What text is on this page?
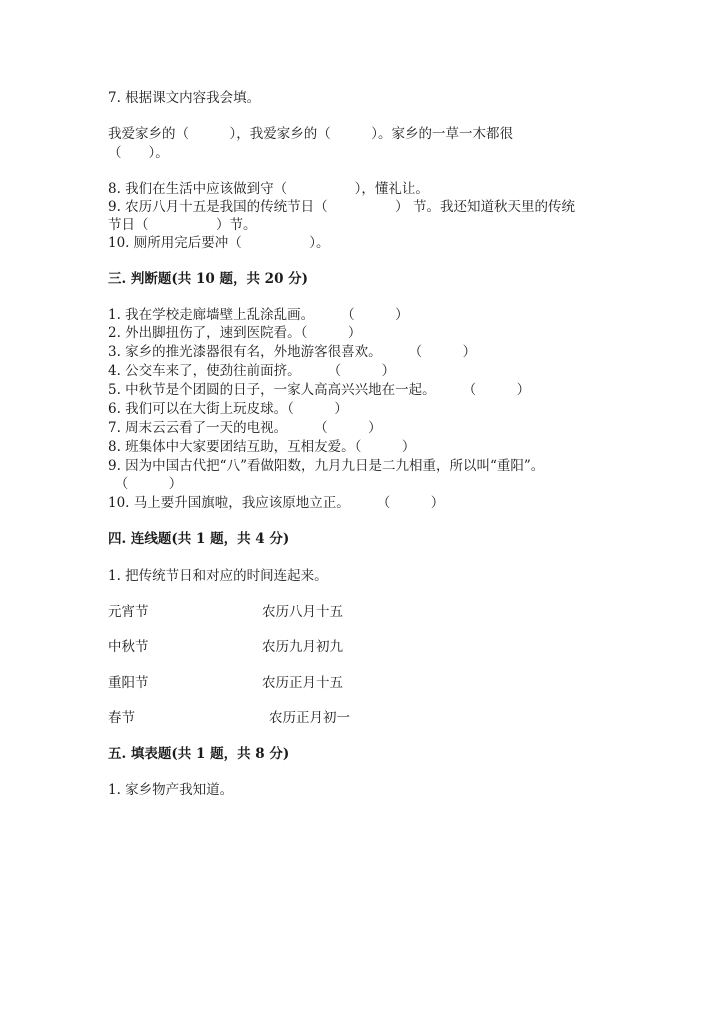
7. 根据课文内容我会填。
我爱家乡的（　　　），我爱家乡的（　　　）。家乡的一草一木都很
（　　）。
8. 我们在生活中应该做到守（　　　　　），懂礼让。
9. 农历八月十五是我国的传统节日（　　　　　） 节。我还知道秋天里的传统
节日（　　　　　）节。
10. 厕所用完后要冲（　　　　　）。
三. 判断题(共 10 题，共 20 分)
1. 我在学校走廊墙壁上乱涂乱画。　　　（　　　）
2. 外出脚扭伤了，速到医院看。（　　　）
3. 家乡的推光漆器很有名，外地游客很喜欢。　　　（　　　）
4. 公交车来了，使劲往前面挤。　　　（　　　）
5. 中秋节是个团圆的日子，一家人高高兴兴地在一起。　　　（　　　）
6. 我们可以在大街上玩皮球。（　　　）
7. 周末云云看了一天的电视。　　　（　　　）
8. 班集体中大家要团结互助，互相友爱。（　　　）
9. 因为中国古代把“八”看做阳数，九月九日是二九相重，所以叫“重阳”。
　（　　　）
10. 马上要升国旗啦，我应该原地立正。　　　（　　　）
四. 连线题(共 1 题，共 4 分)
1. 把传统节日和对应的时间连起来。
元宵节	农历八月十五
中秋节	农历九月初九
重阳节	农历正月十五
春节	农历正月初一
五. 填表题(共 1 题，共 8 分)
1. 家乡物产我知道。
